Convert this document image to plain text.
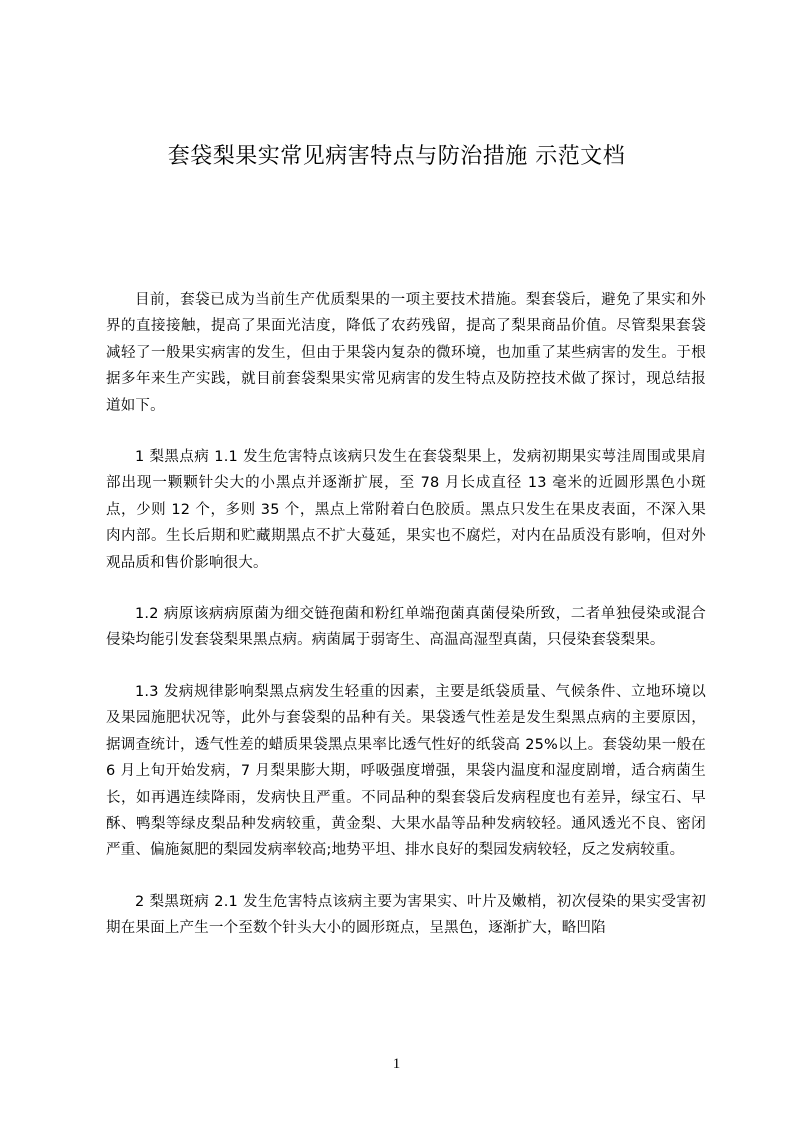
套袋梨果实常见病害特点与防治措施 示范文档

目前，套袋已成为当前生产优质梨果的一项主要技术措施。梨套袋后，避免了果实和外界的直接接触，提高了果面光洁度，降低了农药残留，提高了梨果商品价值。尽管梨果套袋减轻了一般果实病害的发生，但由于果袋内复杂的微环境，也加重了某些病害的发生。于根据多年来生产实践，就目前套袋梨果实常见病害的发生特点及防控技术做了探讨，现总结报道如下。

1 梨黑点病 1.1 发生危害特点该病只发生在套袋梨果上，发病初期果实萼洼周围或果肩部出现一颗颗针尖大的小黑点并逐渐扩展，至 78 月长成直径 13 毫米的近圆形黑色小斑点，少则 12 个，多则 35 个，黑点上常附着白色胶质。黑点只发生在果皮表面，不深入果肉内部。生长后期和贮藏期黑点不扩大蔓延，果实也不腐烂，对内在品质没有影响，但对外观品质和售价影响很大。

1.2 病原该病病原菌为细交链孢菌和粉红单端孢菌真菌侵染所致，二者单独侵染或混合侵染均能引发套袋梨果黑点病。病菌属于弱寄生、高温高湿型真菌，只侵染套袋梨果。

1.3 发病规律影响梨黑点病发生轻重的因素，主要是纸袋质量、气候条件、立地环境以及果园施肥状况等，此外与套袋梨的品种有关。果袋透气性差是发生梨黑点病的主要原因，据调查统计，透气性差的蜡质果袋黑点果率比透气性好的纸袋高 25%以上。套袋幼果一般在 6 月上旬开始发病，7 月梨果膨大期，呼吸强度增强，果袋内温度和湿度剧增，适合病菌生长，如再遇连续降雨，发病快且严重。不同品种的梨套袋后发病程度也有差异，绿宝石、早酥、鸭梨等绿皮梨品种发病较重，黄金梨、大果水晶等品种发病较轻。通风透光不良、密闭严重、偏施氮肥的梨园发病率较高;地势平坦、排水良好的梨园发病较轻，反之发病较重。

2 梨黑斑病 2.1 发生危害特点该病主要为害果实、叶片及嫩梢，初次侵染的果实受害初期在果面上产生一个至数个针头大小的圆形斑点，呈黑色，逐渐扩大，略凹陷

1
